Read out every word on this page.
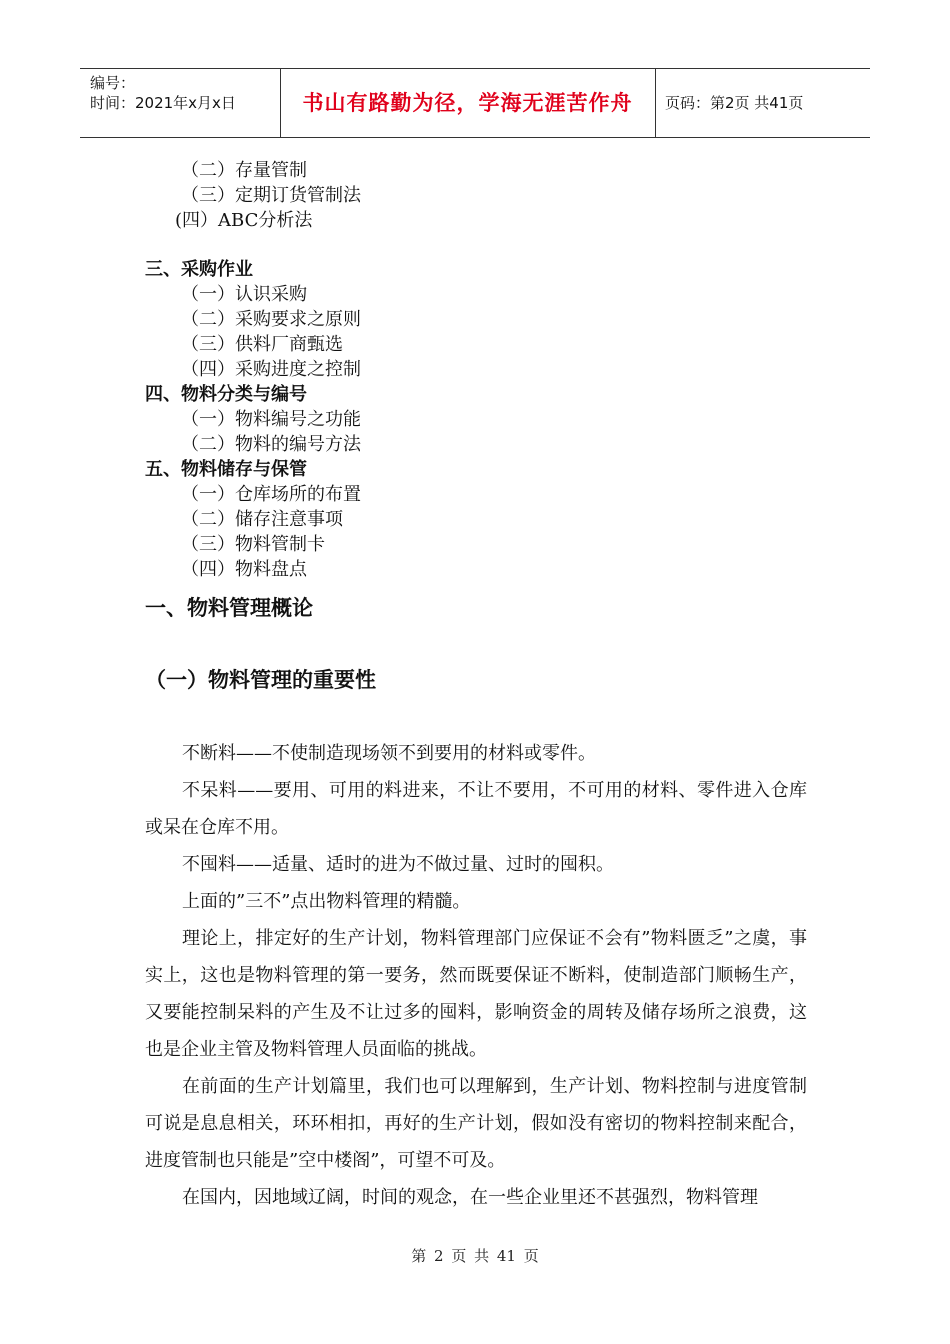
编号：
时间：2021年x月x日	书山有路勤为径，学海无涯苦作舟	页码：第2页 共41页
（二）存量管制
（三）定期订货管制法
(四）ABC分析法
三、采购作业
（一）认识采购
（二）采购要求之原则
（三）供料厂商甄选
（四）采购进度之控制
四、物料分类与编号
（一）物料编号之功能
（二）物料的编号方法
五、物料储存与保管
（一）仓库场所的布置
（二）储存注意事项
（三）物料管制卡
（四）物料盘点
一、物料管理概论
（一）物料管理的重要性

不断料——不使制造现场领不到要用的材料或零件。

不呆料——要用、可用的料进来，不让不要用，不可用的材料、零件进入仓库或呆在仓库不用。

不囤料——适量、适时的进为不做过量、过时的囤积。

上面的”三不”点出物料管理的精髓。

理论上，排定好的生产计划，物料管理部门应保证不会有”物料匮乏”之虞，事实上，这也是物料管理的第一要务，然而既要保证不断料，使制造部门顺畅生产，又要能控制呆料的产生及不让过多的囤料，影响资金的周转及储存场所之浪费，这也是企业主管及物料管理人员面临的挑战。

在前面的生产计划篇里，我们也可以理解到，生产计划、物料控制与进度管制可说是息息相关，环环相扣，再好的生产计划，假如没有密切的物料控制来配合，进度管制也只能是”空中楼阁”，可望不可及。

在国内，因地域辽阔，时间的观念，在一些企业里还不甚强烈，物料管理

第 2 页 共 41 页
